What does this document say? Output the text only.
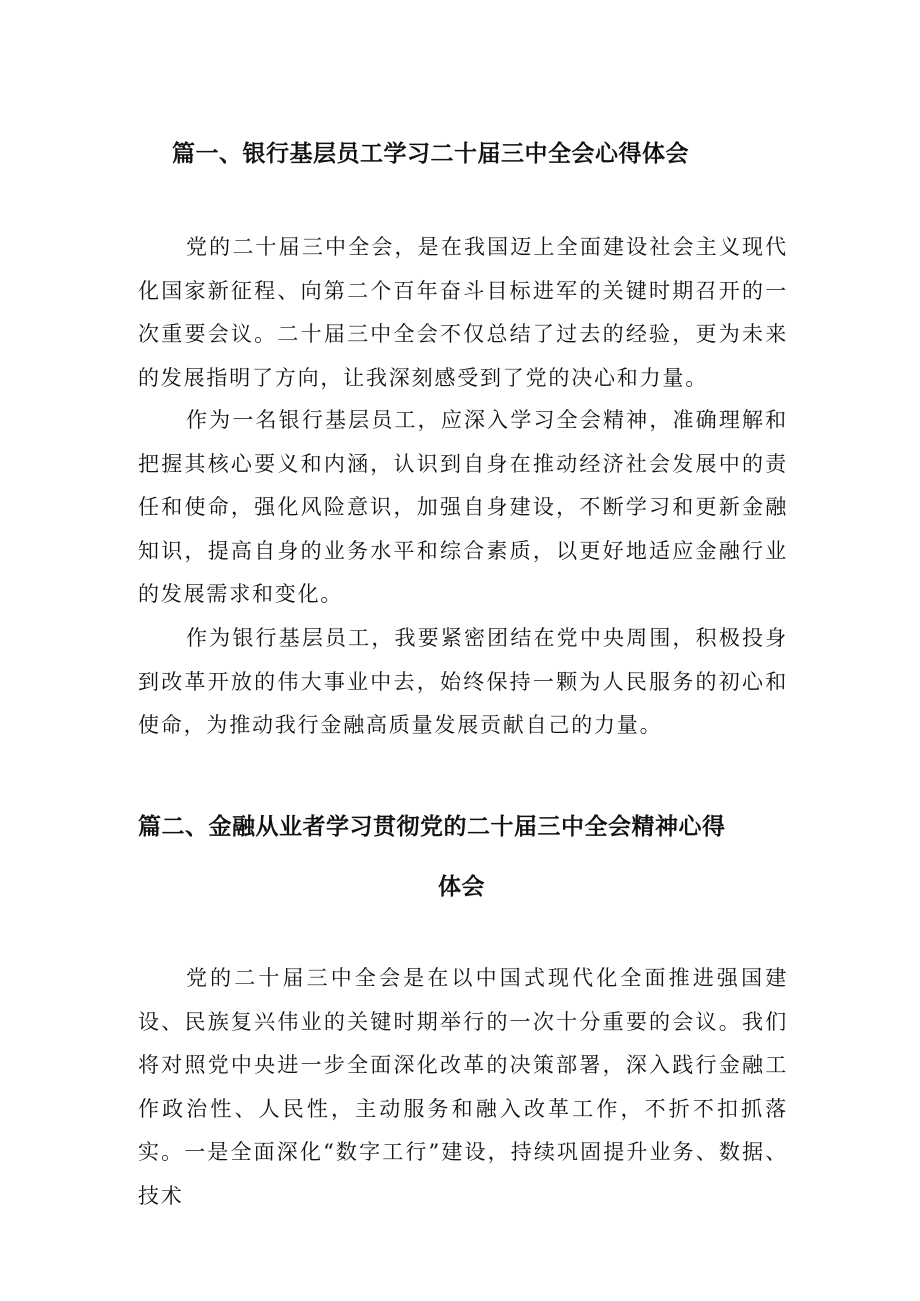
篇一、银行基层员工学习二十届三中全会心得体会

党的二十届三中全会，是在我国迈上全面建设社会主义现代化国家新征程、向第二个百年奋斗目标进军的关键时期召开的一次重要会议。二十届三中全会不仅总结了过去的经验，更为未来的发展指明了方向，让我深刻感受到了党的决心和力量。

作为一名银行基层员工，应深入学习全会精神，准确理解和把握其核心要义和内涵，认识到自身在推动经济社会发展中的责任和使命，强化风险意识，加强自身建设，不断学习和更新金融知识，提高自身的业务水平和综合素质，以更好地适应金融行业的发展需求和变化。

作为银行基层员工，我要紧密团结在党中央周围，积极投身到改革开放的伟大事业中去，始终保持一颗为人民服务的初心和使命，为推动我行金融高质量发展贡献自己的力量。

篇二、金融从业者学习贯彻党的二十届三中全会精神心得
体会

党的二十届三中全会是在以中国式现代化全面推进强国建设、民族复兴伟业的关键时期举行的一次十分重要的会议。我们将对照党中央进一步全面深化改革的决策部署，深入践行金融工作政治性、人民性，主动服务和融入改革工作，不折不扣抓落实。一是全面深化“数字工行”建设，持续巩固提升业务、数据、技术
